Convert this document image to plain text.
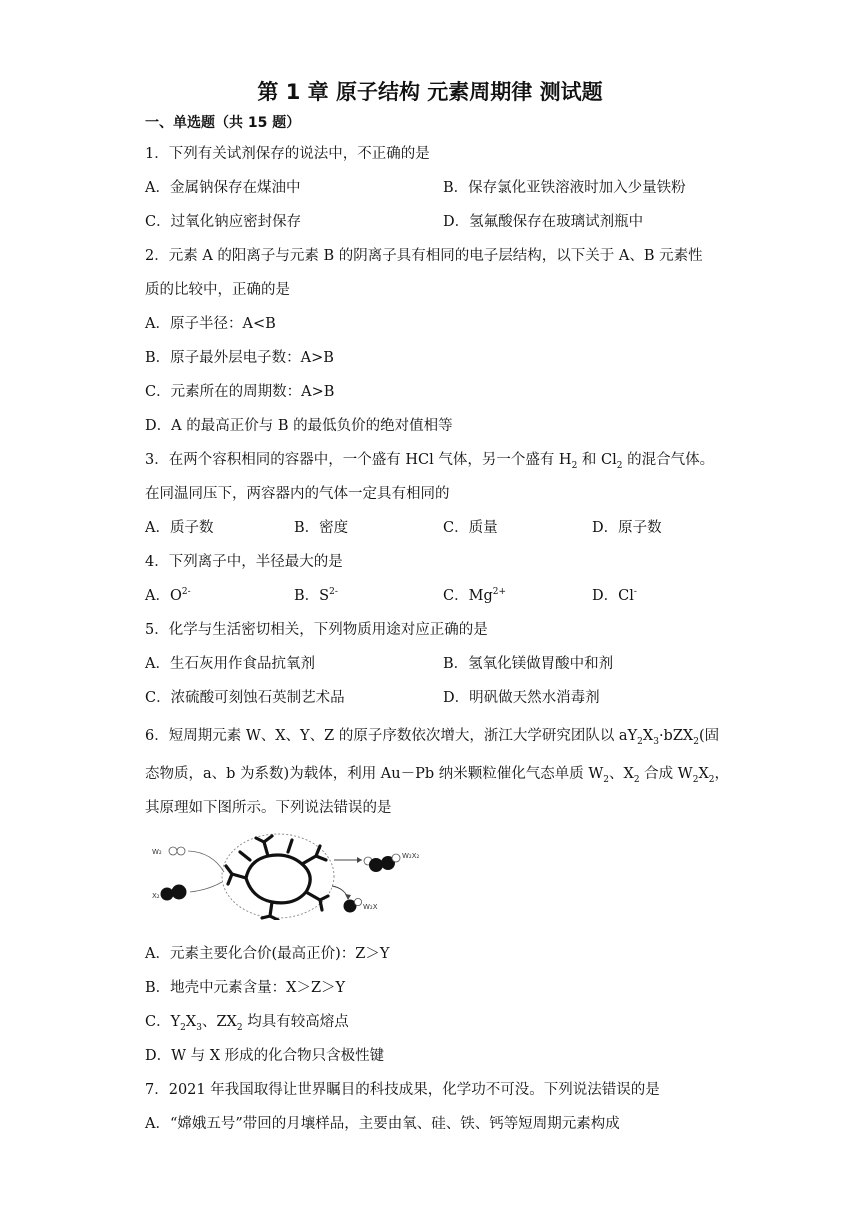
第 1 章 原子结构 元素周期律 测试题
一、单选题（共 15 题）
1．下列有关试剂保存的说法中，不正确的是
A．金属钠保存在煤油中	B．保存氯化亚铁溶液时加入少量铁粉
C．过氧化钠应密封保存	D．氢氟酸保存在玻璃试剂瓶中
2．元素 A 的阳离子与元素 B 的阴离子具有相同的电子层结构，以下关于 A、B 元素性
质的比较中，正确的是
A．原子半径：A<B
B．原子最外层电子数：A>B
C．元素所在的周期数：A>B
D．A 的最高正价与 B 的最低负价的绝对值相等
3．在两个容积相同的容器中，一个盛有 HCl 气体，另一个盛有 $H_2$ 和 $Cl_2$ 的混合气体。
在同温同压下，两容器内的气体一定具有相同的
A．质子数	B．密度	C．质量	D．原子数
4．下列离子中，半径最大的是
A．$O^{2-}$	B．$S^{2-}$	C．$Mg^{2+}$	D．Cl-
5．化学与生活密切相关，下列物质用途对应正确的是
A．生石灰用作食品抗氧剂	B．氢氧化镁做胃酸中和剂
C．浓硫酸可刻蚀石英制艺术品	D．明矾做天然水消毒剂
6．短周期元素 W、X、Y、Z 的原子序数依次增大，浙江大学研究团队以 $aY_2X_3\cdot bZX_2$(固
态物质，a、b 为系数)为载体，利用 Au－Pb 纳米颗粒催化气态单质 $W_2$、$X_2$ 合成 $W_2X_2$，
其原理如下图所示。下列说法错误的是
W₂
X₂
W₂X₂
W₂X
A．元素主要化合价(最高正价)：Z＞Y
B．地壳中元素含量：X＞Z＞Y
C．$Y_2X_3$、$ZX_2$ 均具有较高熔点
D．W 与 X 形成的化合物只含极性键
7．2021 年我国取得让世界瞩目的科技成果，化学功不可没。下列说法错误的是
A．“嫦娥五号”带回的月壤样品，主要由氧、硅、铁、钙等短周期元素构成
